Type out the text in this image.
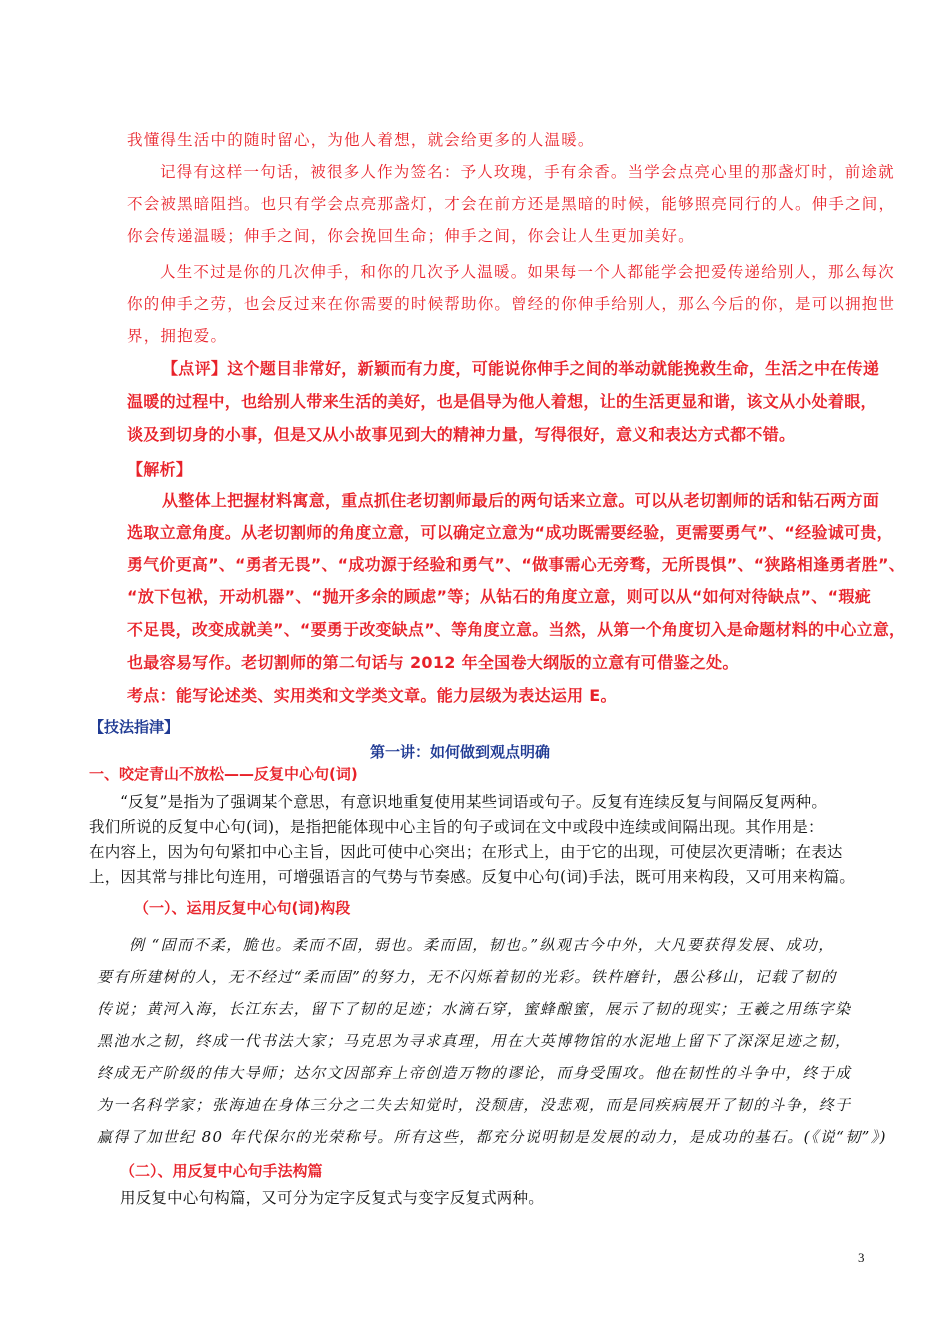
我懂得生活中的随时留心，为他人着想，就会给更多的人温暖。
记得有这样一句话，被很多人作为签名：予人玫瑰，手有余香。当学会点亮心里的那盏灯时，前途就
不会被黑暗阻挡。也只有学会点亮那盏灯，才会在前方还是黑暗的时候，能够照亮同行的人。伸手之间，
你会传递温暖；伸手之间，你会挽回生命；伸手之间，你会让人生更加美好。
人生不过是你的几次伸手，和你的几次予人温暖。如果每一个人都能学会把爱传递给别人，那么每次
你的伸手之劳，也会反过来在你需要的时候帮助你。曾经的你伸手给别人，那么今后的你，是可以拥抱世
界，拥抱爱。
【点评】这个题目非常好，新颖而有力度，可能说你伸手之间的举动就能挽救生命，生活之中在传递
温暖的过程中，也给别人带来生活的美好，也是倡导为他人着想，让的生活更显和谐，该文从小处着眼，
谈及到切身的小事，但是又从小故事见到大的精神力量，写得很好，意义和表达方式都不错。
【解析】
从整体上把握材料寓意，重点抓住老切割师最后的两句话来立意。可以从老切割师的话和钻石两方面
选取立意角度。从老切割师的角度立意，可以确定立意为“成功既需要经验，更需要勇气”、“经验诚可贵，
勇气价更高”、“勇者无畏”、“成功源于经验和勇气”、“做事需心无旁骛，无所畏惧”、“狭路相逢勇者胜”、
“放下包袱，开动机器”、“抛开多余的顾虑”等；从钻石的角度立意，则可以从“如何对待缺点”、“瑕疵
不足畏，改变成就美”、“要勇于改变缺点”、等角度立意。当然，从第一个角度切入是命题材料的中心立意，
也最容易写作。老切割师的第二句话与 2012 年全国卷大纲版的立意有可借鉴之处。
考点：能写论述类、实用类和文学类文章。能力层级为表达运用 E。
【技法指津】
第一讲：如何做到观点明确
一、咬定青山不放松——反复中心句(词)
“反复”是指为了强调某个意思，有意识地重复使用某些词语或句子。反复有连续反复与间隔反复两种。
我们所说的反复中心句(词)，是指把能体现中心主旨的句子或词在文中或段中连续或间隔出现。其作用是：
在内容上，因为句句紧扣中心主旨，因此可使中心突出；在形式上，由于它的出现，可使层次更清晰；在表达
上，因其常与排比句连用，可增强语言的气势与节奏感。反复中心句(词)手法，既可用来构段，又可用来构篇。
（一）、运用反复中心句(词)构段
例 “固而不柔，脆也。柔而不固，弱也。柔而固，韧也。”纵观古今中外，大凡要获得发展、成功，
要有所建树的人，无不经过“柔而固”的努力，无不闪烁着韧的光彩。铁杵磨针，愚公移山，记载了韧的
传说；黄河入海，长江东去，留下了韧的足迹；水滴石穿，蜜蜂酿蜜，展示了韧的现实；王羲之用练字染
黑池水之韧，终成一代书法大家；马克思为寻求真理，用在大英博物馆的水泥地上留下了深深足迹之韧，
终成无产阶级的伟大导师；达尔文因部弃上帝创造万物的谬论，而身受围攻。他在韧性的斗争中，终于成
为一名科学家；张海迪在身体三分之二失去知觉时，没颓唐，没悲观，而是同疾病展开了韧的斗争，终于
赢得了加世纪 80 年代保尔的光荣称号。所有这些，都充分说明韧是发展的动力，是成功的基石。(《说“韧”》)
（二）、用反复中心句手法构篇
用反复中心句构篇，又可分为定字反复式与变字反复式两种。
3
